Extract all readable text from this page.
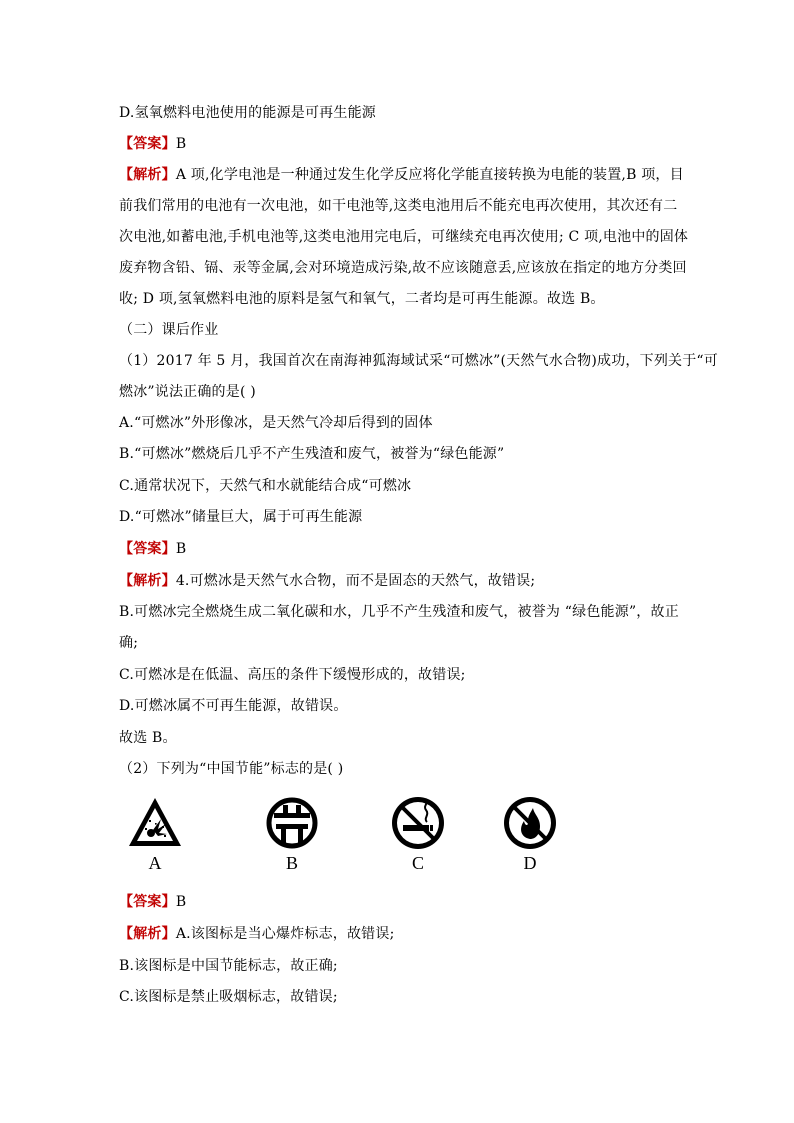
D.氢氧燃料电池使用的能源是可再生能源
【答案】B
【解析】A 项,化学电池是一种通过发生化学反应将化学能直接转换为电能的装置,B 项，目
前我们常用的电池有一次电池，如干电池等,这类电池用后不能充电再次使用，其次还有二
次电池,如蓄电池,手机电池等,这类电池用完电后，可继续充电再次使用; C 项,电池中的固体
废弃物含铅、镉、汞等金属,会对环境造成污染,故不应该随意丢,应该放在指定的地方分类回
收; D 项,氢氧燃料电池的原料是氢气和氧气，二者均是可再生能源。故选 B。
（二）课后作业
（1）2017 年 5 月，我国首次在南海神狐海域试采“可燃冰”(天然气水合物)成功，下列关于“可
燃冰”说法正确的是( )
A.“可燃冰”外形像冰，是天然气冷却后得到的固体
B.“可燃冰”燃烧后几乎不产生残渣和废气，被誉为“绿色能源”
C.通常状况下，天然气和水就能结合成“可燃冰
D.“可燃冰”储量巨大，属于可再生能源
【答案】B
【解析】4.可燃冰是天然气水合物，而不是固态的天然气，故错误;
B.可燃冰完全燃烧生成二氧化碳和水，几乎不产生残渣和废气，被誉为 “绿色能源”，故正
确;
C.可燃冰是在低温、高压的条件下缓慢形成的，故错误;
D.可燃冰属不可再生能源，故错误。
故选 B。
（2）下列为“中国节能”标志的是( )
A	B	C	D
【答案】B
【解析】A.该图标是当心爆炸标志，故错误;
B.该图标是中国节能标志，故正确;
C.该图标是禁止吸烟标志，故错误;
